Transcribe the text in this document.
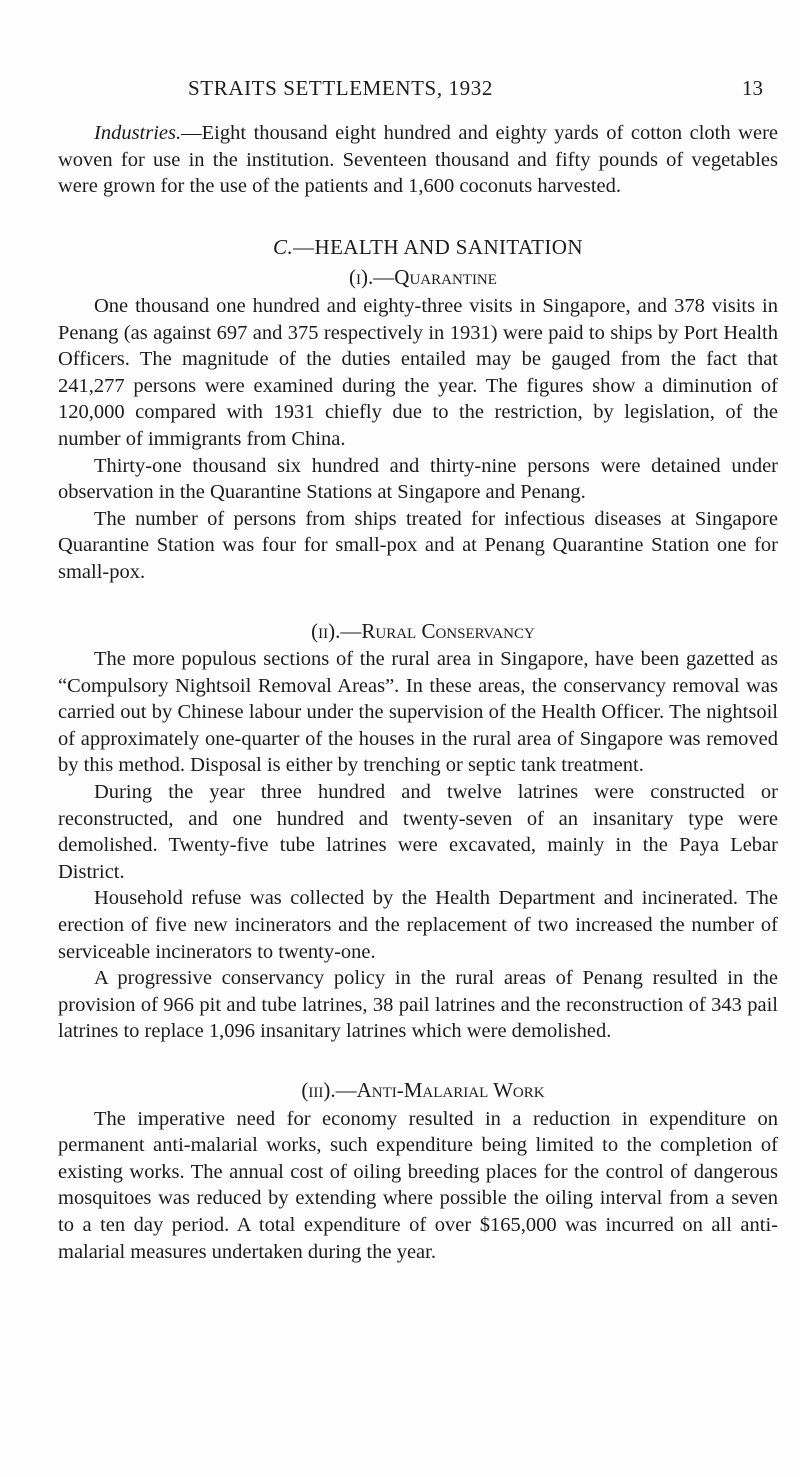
STRAITS SETTLEMENTS, 1932	13

Industries.—Eight thousand eight hundred and eighty yards of cotton cloth were woven for use in the institution. Seventeen thousand and fifty pounds of vegetables were grown for the use of the patients and 1,600 coconuts harvested.

C.—HEALTH AND SANITATION
(i).—Quarantine

One thousand one hundred and eighty-three visits in Singapore, and 378 visits in Penang (as against 697 and 375 respectively in 1931) were paid to ships by Port Health Officers. The magnitude of the duties entailed may be gauged from the fact that 241,277 persons were examined during the year. The figures show a diminution of 120,000 compared with 1931 chiefly due to the restriction, by legislation, of the number of immigrants from China.

Thirty-one thousand six hundred and thirty-nine persons were detained under observation in the Quarantine Stations at Singapore and Penang.

The number of persons from ships treated for infectious diseases at Singapore Quarantine Station was four for small-pox and at Penang Quarantine Station one for small-pox.

(ii).—Rural Conservancy

The more populous sections of the rural area in Singapore, have been gazetted as “Compulsory Nightsoil Removal Areas”. In these areas, the conservancy removal was carried out by Chinese labour under the supervision of the Health Officer. The nightsoil of approximately one-quarter of the houses in the rural area of Singapore was removed by this method. Disposal is either by trenching or septic tank treatment.

During the year three hundred and twelve latrines were constructed or reconstructed, and one hundred and twenty-seven of an insanitary type were demolished. Twenty-five tube latrines were excavated, mainly in the Paya Lebar District.

Household refuse was collected by the Health Department and incinerated. The erection of five new incinerators and the replacement of two increased the number of serviceable incinerators to twenty-one.

A progressive conservancy policy in the rural areas of Penang resulted in the provision of 966 pit and tube latrines, 38 pail latrines and the reconstruction of 343 pail latrines to replace 1,096 insanitary latrines which were demolished.

(iii).—Anti-Malarial Work

The imperative need for economy resulted in a reduction in expenditure on permanent anti-malarial works, such expenditure being limited to the completion of existing works. The annual cost of oiling breeding places for the control of dangerous mosquitoes was reduced by extending where possible the oiling interval from a seven to a ten day period. A total expenditure of over $165,000 was incurred on all anti-malarial measures undertaken during the year.
